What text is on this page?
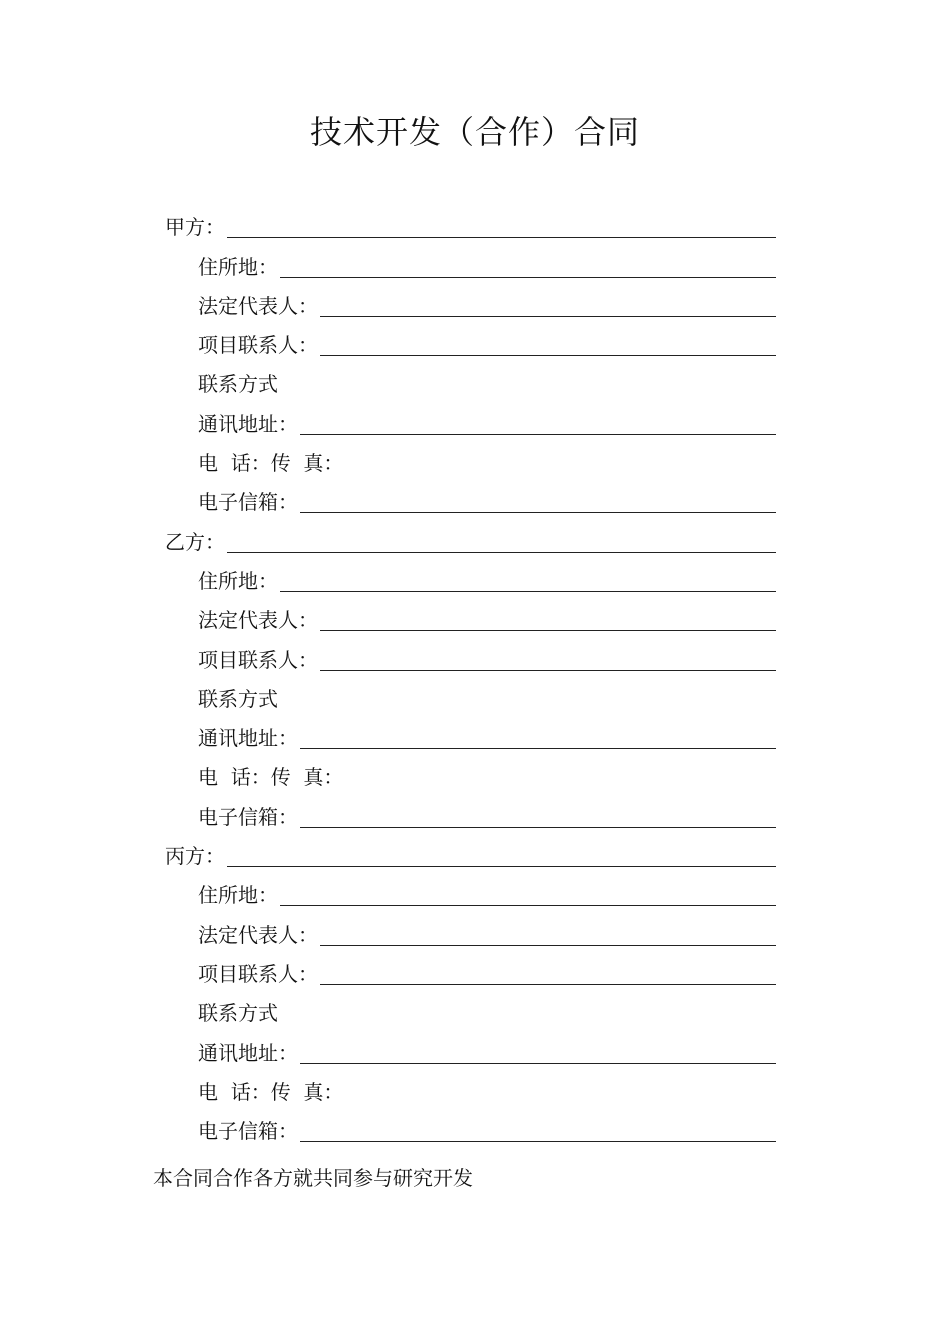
技术开发（合作）合同
甲方：
住所地：
法定代表人：
项目联系人：
联系方式
通讯地址：
电  话：传  真：
电子信箱：
乙方：
住所地：
法定代表人：
项目联系人：
联系方式
通讯地址：
电  话：传  真：
电子信箱：
丙方：
住所地：
法定代表人：
项目联系人：
联系方式
通讯地址：
电  话：传  真：
电子信箱：
本合同合作各方就共同参与研究开发
